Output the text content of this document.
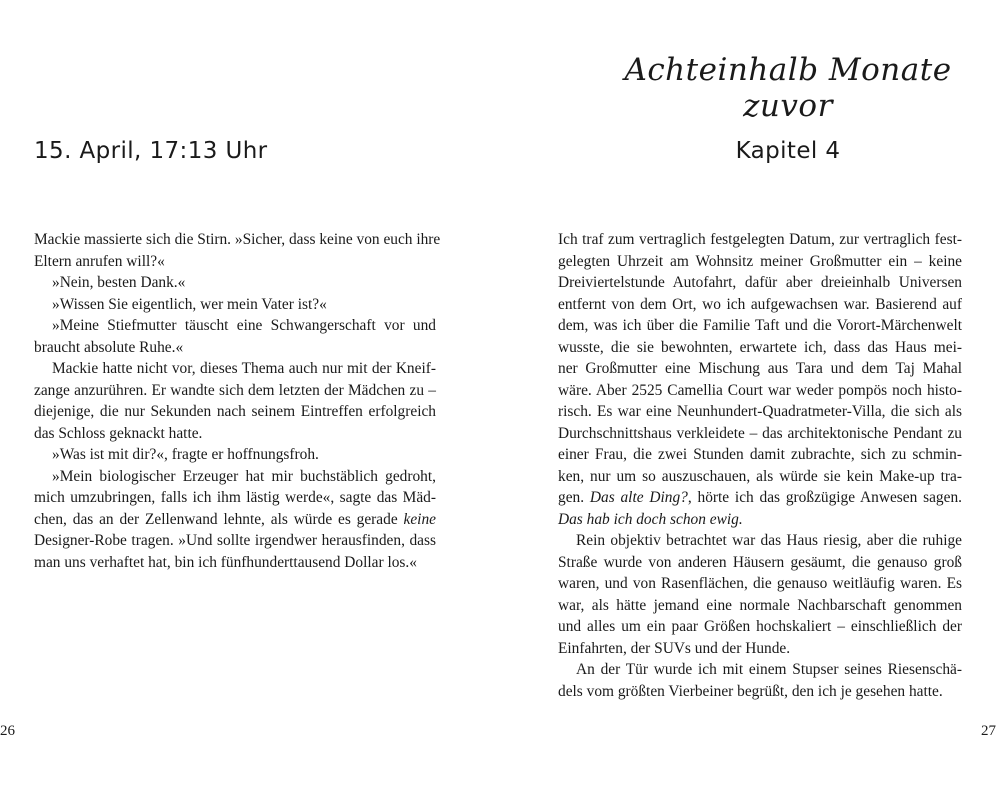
15. April, 17:13 Uhr
Mackie massierte sich die Stirn. »Sicher, dass keine von euch ihre
Eltern anrufen will?«
»Nein, besten Dank.«
»Wissen Sie eigentlich, wer mein Vater ist?«
»Meine Stiefmutter täuscht eine Schwangerschaft vor und
braucht absolute Ruhe.«
Mackie hatte nicht vor, dieses Thema auch nur mit der Kneif-
zange anzurühren. Er wandte sich dem letzten der Mädchen zu –
diejenige, die nur Sekunden nach seinem Eintreffen erfolgreich
das Schloss geknackt hatte.
»Was ist mit dir?«, fragte er hoffnungsfroh.
»Mein biologischer Erzeuger hat mir buchstäblich gedroht,
mich umzubringen, falls ich ihm lästig werde«, sagte das Mäd-
chen, das an der Zellenwand lehnte, als würde es gerade keine
Designer-Robe tragen. »Und sollte irgendwer herausfinden, dass
man uns verhaftet hat, bin ich fünfhunderttausend Dollar los.«

26

Achteinhalb Monate zuvor
Kapitel 4
Ich traf zum vertraglich festgelegten Datum, zur vertraglich fest-
gelegten Uhrzeit am Wohnsitz meiner Großmutter ein – keine
Dreiviertelstunde Autofahrt, dafür aber dreieinhalb Universen
entfernt von dem Ort, wo ich aufgewachsen war. Basierend auf
dem, was ich über die Familie Taft und die Vorort-Märchenwelt
wusste, die sie bewohnten, erwartete ich, dass das Haus mei-
ner Großmutter eine Mischung aus Tara und dem Taj Mahal
wäre. Aber 2525 Camellia Court war weder pompös noch histo-
risch. Es war eine Neunhundert-Quadratmeter-Villa, die sich als
Durchschnittshaus verkleidete – das architektonische Pendant zu
einer Frau, die zwei Stunden damit zubrachte, sich zu schmin-
ken, nur um so auszuschauen, als würde sie kein Make-up tra-
gen. Das alte Ding?, hörte ich das großzügige Anwesen sagen.
Das hab ich doch schon ewig.
Rein objektiv betrachtet war das Haus riesig, aber die ruhige
Straße wurde von anderen Häusern gesäumt, die genauso groß
waren, und von Rasenflächen, die genauso weitläufig waren. Es
war, als hätte jemand eine normale Nachbarschaft genommen
und alles um ein paar Größen hochskaliert – einschließlich der
Einfahrten, der SUVs und der Hunde.
An der Tür wurde ich mit einem Stupser seines Riesenschä-
dels vom größten Vierbeiner begrüßt, den ich je gesehen hatte.

27
